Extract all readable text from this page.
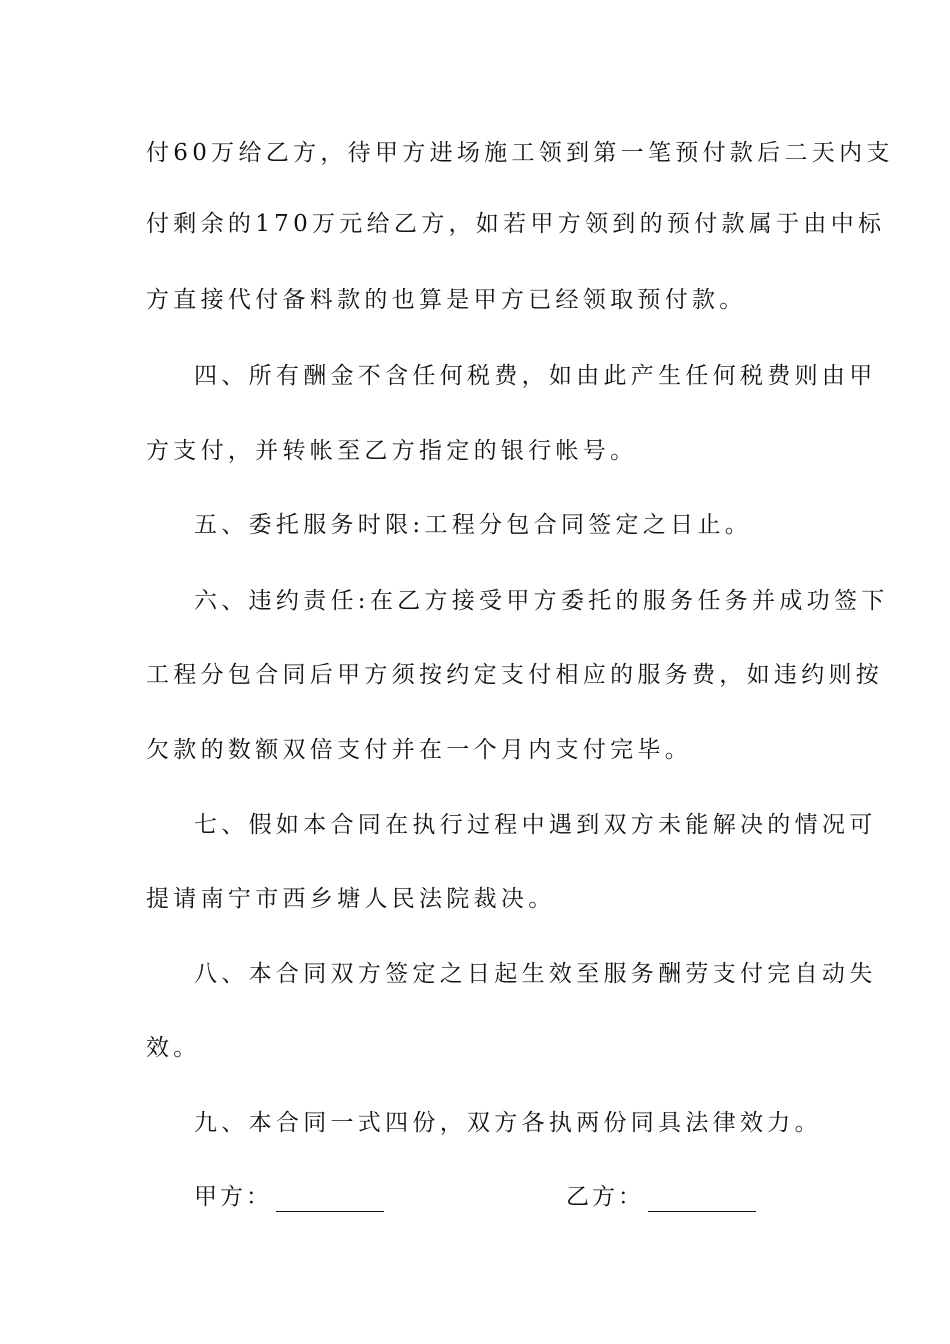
付60万给乙方，待甲方进场施工领到第一笔预付款后二天内支
付剩余的170万元给乙方，如若甲方领到的预付款属于由中标
方直接代付备料款的也算是甲方已经领取预付款。
四、所有酬金不含任何税费，如由此产生任何税费则由甲
方支付，并转帐至乙方指定的银行帐号。
五、委托服务时限:工程分包合同签定之日止。
六、违约责任:在乙方接受甲方委托的服务任务并成功签下
工程分包合同后甲方须按约定支付相应的服务费，如违约则按
欠款的数额双倍支付并在一个月内支付完毕。
七、假如本合同在执行过程中遇到双方未能解决的情况可
提请南宁市西乡塘人民法院裁决。
八、本合同双方签定之日起生效至服务酬劳支付完自动失
效。
九、本合同一式四份，双方各执两份同具法律效力。
甲方：	乙方：
